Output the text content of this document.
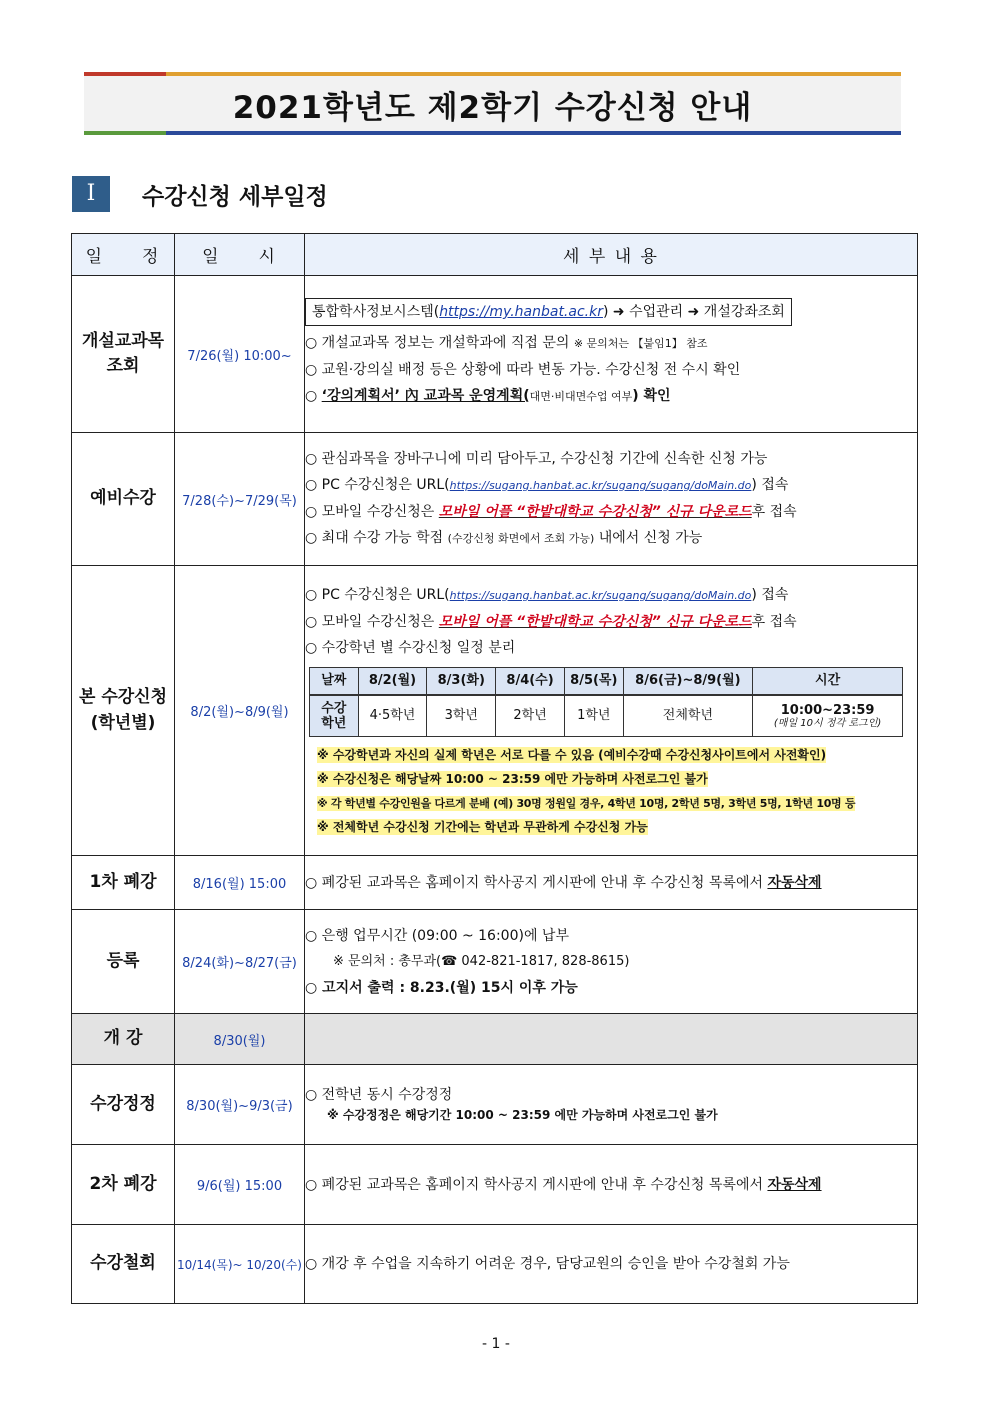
2021학년도 제2학기 수강신청 안내
Ⅰ	수강신청 세부일정
일　　정	일　　시	세 부 내 용

개설교과목
조회	7/26(월) 10:00~	
통합학사정보시스템(https://my.hanbat.ac.kr) ➜ 수업관리 ➜ 개설강좌조회
○ 개설교과목 정보는 개설학과에 직접 문의 ※ 문의처는 【붙임1】 참조
○ 교원·강의실 배정 등은 상황에 따라 변동 가능. 수강신청 전 수시 확인
○ ‘강의계획서’ 內 교과목 운영계획(대면·비대면수업 여부) 확인

예비수강	7/28(수)~7/29(목)	
○ 관심과목을 장바구니에 미리 담아두고, 수강신청 기간에 신속한 신청 가능
○ PC 수강신청은 URL(https://sugang.hanbat.ac.kr/sugang/sugang/doMain.do) 접속
○ 모바일 수강신청은 모바일 어플 “한밭대학교 수강신청” 신규 다운로드후 접속
○ 최대 수강 가능 학점 (수강신청 화면에서 조회 가능) 내에서 신청 가능

본 수강신청
(학년별)	8/2(월)~8/9(월)	
○ PC 수강신청은 URL(https://sugang.hanbat.ac.kr/sugang/sugang/doMain.do) 접속
○ 모바일 수강신청은 모바일 어플 “한밭대학교 수강신청” 신규 다운로드후 접속
○ 수강학년 별 수강신청 일정 분리
날짜	8/2(월)	8/3(화)	8/4(수)	8/5(목)	8/6(금)~8/9(월)	시간
수강학년	4·5학년	3학년	2학년	1학년	전체학년	10:00~23:59
(매일 10시 정각 로그인)
※ 수강학년과 자신의 실제 학년은 서로 다를 수 있음 (예비수강때 수강신청사이트에서 사전확인)
※ 수강신청은 해당날짜 10:00 ~ 23:59 에만 가능하며 사전로그인 불가
※ 각 학년별 수강인원을 다르게 분배 (예) 30명 정원일 경우, 4학년 10명, 2학년 5명, 3학년 5명, 1학년 10명 등
※ 전체학년 수강신청 기간에는 학년과 무관하게 수강신청 가능

1차 폐강	8/16(월) 15:00	○ 폐강된 교과목은 홈페이지 학사공지 게시판에 안내 후 수강신청 목록에서 자동삭제

등록	8/24(화)~8/27(금)	
○ 은행 업무시간 (09:00 ~ 16:00)에 납부
※ 문의처 : 총무과(☎ 042-821-1817, 828-8615)
○ 고지서 출력 : 8.23.(월) 15시 이후 가능

개 강	8/30(월)	
수강정정	8/30(월)~9/3(금)	
○ 전학년 동시 수강정정
※ 수강정정은 해당기간 10:00 ~ 23:59 에만 가능하며 사전로그인 불가

2차 폐강	9/6(월) 15:00	○ 폐강된 교과목은 홈페이지 학사공지 게시판에 안내 후 수강신청 목록에서 자동삭제

수강철회	10/14(목)~ 10/20(수)	○ 개강 후 수업을 지속하기 어려운 경우, 담당교원의 승인을 받아 수강철회 가능
- 1 -
